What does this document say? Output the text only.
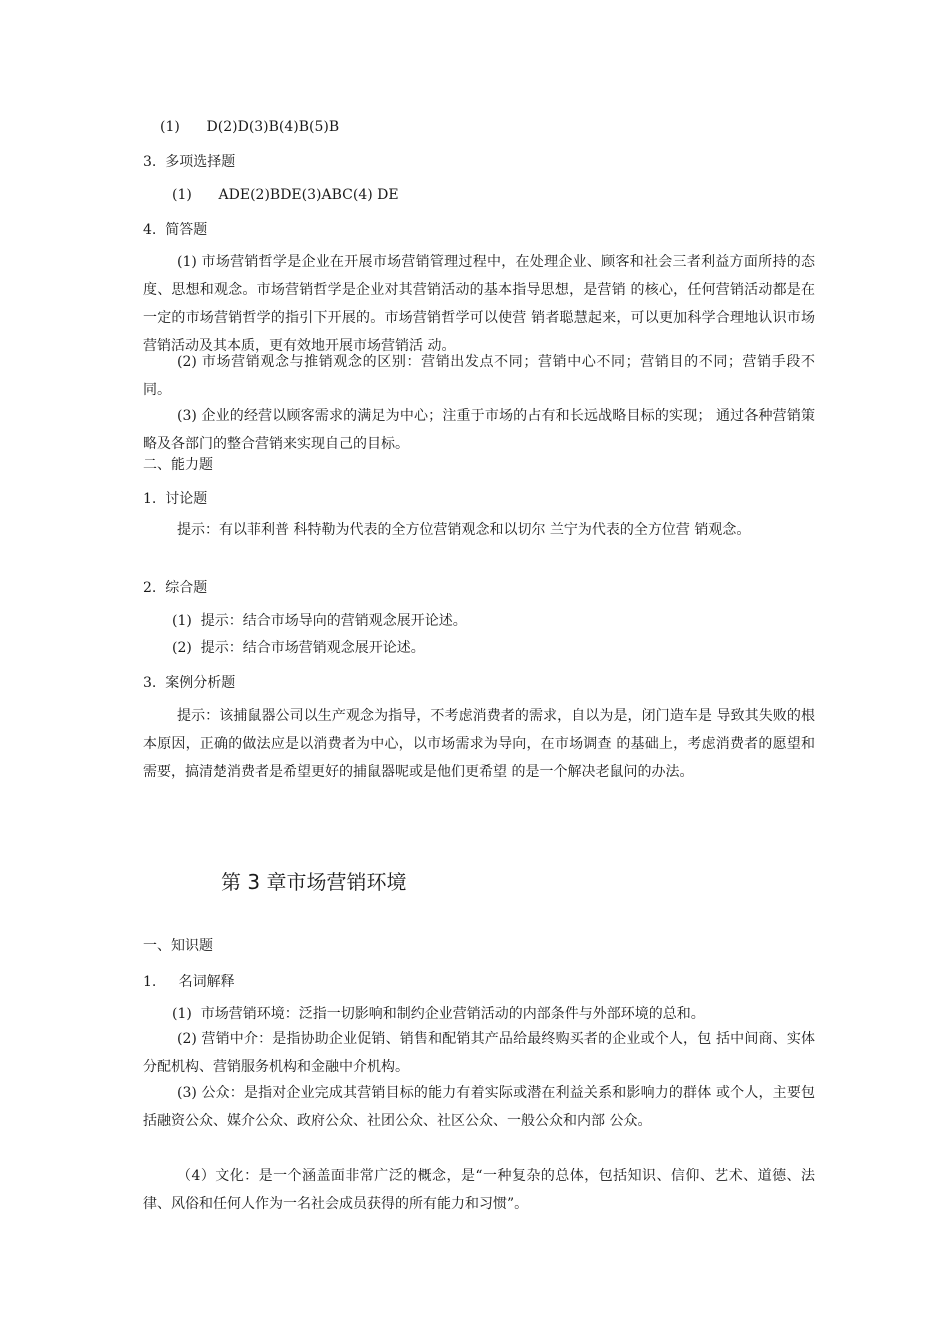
(1)      D(2)D(3)B(4)B(5)B
3.  多项选择题
(1)      ADE(2)BDE(3)ABC(4) DE
4.  简答题
(1) 市场营销哲学是企业在开展市场营销管理过程中，在处理企业、顾客和社会三者利益方面所持的态度、思想和观念。市场营销哲学是企业对其营销活动的基本指导思想，是营销 的核心，任何营销活动都是在一定的市场营销哲学的指引下开展的。市场营销哲学可以使营 销者聪慧起来，可以更加科学合理地认识市场营销活动及其本质，更有效地开展市场营销活 动。
(2) 市场营销观念与推销观念的区别：营销出发点不同；营销中心不同；营销目的不同；营销手段不同。
(3) 企业的经营以顾客需求的满足为中心；注重于市场的占有和长远战略目标的实现； 通过各种营销策略及各部门的整合营销来实现自己的目标。
二、能力题
1.  讨论题
提示：有以菲利普 科特勒为代表的全方位营销观念和以切尔 兰宁为代表的全方位营 销观念。
2.  综合题
(1)  提示：结合市场导向的营销观念展开论述。
(2)  提示：结合市场营销观念展开论述。
3.  案例分析题
提示：该捕鼠器公司以生产观念为指导，不考虑消费者的需求，自以为是，闭门造车是 导致其失败的根本原因，正确的做法应是以消费者为中心，以市场需求为导向，在市场调查 的基础上，考虑消费者的愿望和需要，搞清楚消费者是希望更好的捕鼠器呢或是他们更希望 的是一个解决老鼠问的办法。
第 3 章市场营销环境
一、知识题
1.     名词解释
(1)  市场营销环境：泛指一切影响和制约企业营销活动的内部条件与外部环境的总和。
(2) 营销中介：是指协助企业促销、销售和配销其产品给最终购买者的企业或个人，包 括中间商、实体分配机构、营销服务机构和金融中介机构。
(3) 公众：是指对企业完成其营销目标的能力有着实际或潜在利益关系和影响力的群体 或个人，主要包括融资公众、媒介公众、政府公众、社团公众、社区公众、一般公众和内部 公众。
（4）文化：是一个涵盖面非常广泛的概念，是“一种复杂的总体，包括知识、信仰、艺术、道德、法律、风俗和任何人作为一名社会成员获得的所有能力和习惯”。
